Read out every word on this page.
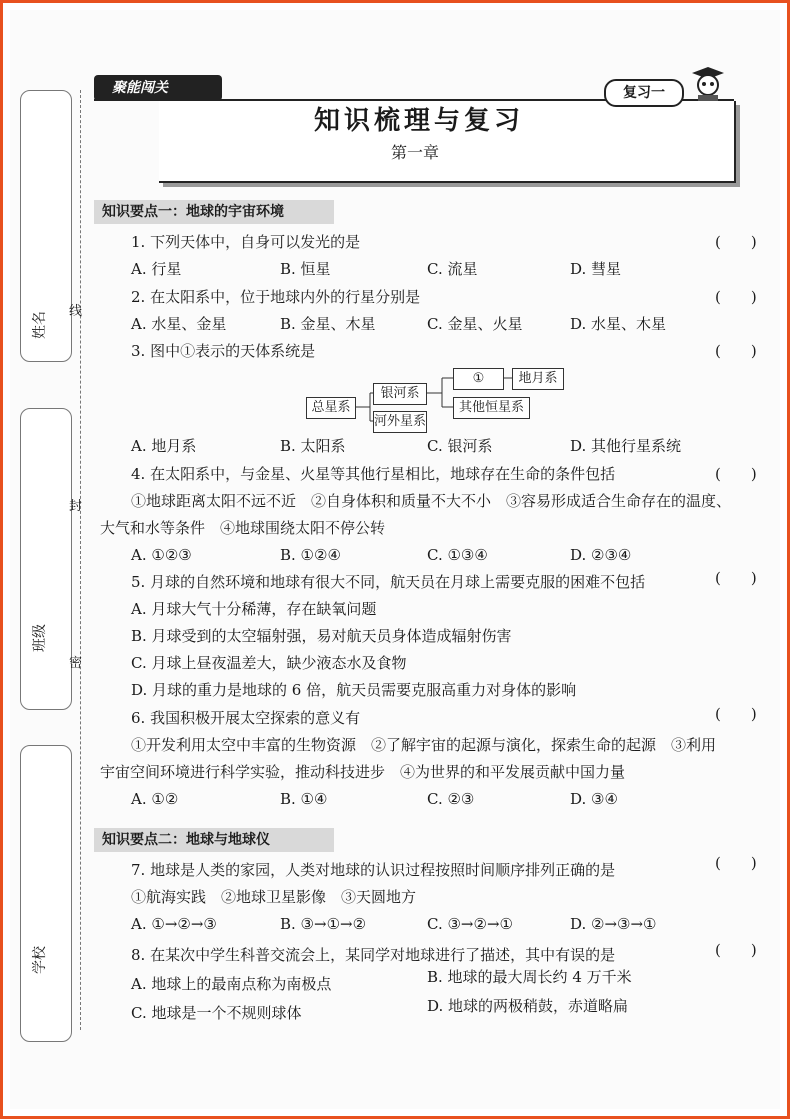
聚能闯关	复习一
知识梳理与复习
第一章
姓名
班级
学校
线
封
密
知识要点一：地球的宇宙环境
1. 下列天体中，自身可以发光的是	(　　)
A. 行星	B. 恒星	C. 流星	D. 彗星
2. 在太阳系中，位于地球内外的行星分别是	(　　)
A. 水星、金星	B. 金星、木星	C. 金星、火星	D. 水星、木星
3. 图中①表示的天体系统是	(　　)
总星系
银河系
河外星系
①	地月系
其他恒星系
A. 地月系	B. 太阳系	C. 银河系	D. 其他行星系统
4. 在太阳系中，与金星、火星等其他行星相比，地球存在生命的条件包括	(　　)
①地球距离太阳不远不近　②自身体积和质量不大不小　③容易形成适合生命存在的温度、
大气和水等条件　④地球围绕太阳不停公转
A. ①②③	B. ①②④	C. ①③④	D. ②③④
5. 月球的自然环境和地球有很大不同，航天员在月球上需要克服的困难不包括	(　　)
A. 月球大气十分稀薄，存在缺氧问题
B. 月球受到的太空辐射强，易对航天员身体造成辐射伤害
C. 月球上昼夜温差大，缺少液态水及食物
D. 月球的重力是地球的 6 倍，航天员需要克服高重力对身体的影响
6. 我国积极开展太空探索的意义有	(　　)
①开发利用太空中丰富的生物资源　②了解宇宙的起源与演化，探索生命的起源　③利用
宇宙空间环境进行科学实验，推动科技进步　④为世界的和平发展贡献中国力量
A. ①②	B. ①④	C. ②③	D. ③④
知识要点二：地球与地球仪
7. 地球是人类的家园，人类对地球的认识过程按照时间顺序排列正确的是	(　　)
①航海实践　②地球卫星影像　③天圆地方
A. ①→②→③	B. ③→①→②	C. ③→②→①	D. ②→③→①
8. 在某次中学生科普交流会上，某同学对地球进行了描述，其中有误的是	(　　)
A. 地球上的最南点称为南极点	B. 地球的最大周长约 4 万千米
C. 地球是一个不规则球体	D. 地球的两极稍鼓，赤道略扁
